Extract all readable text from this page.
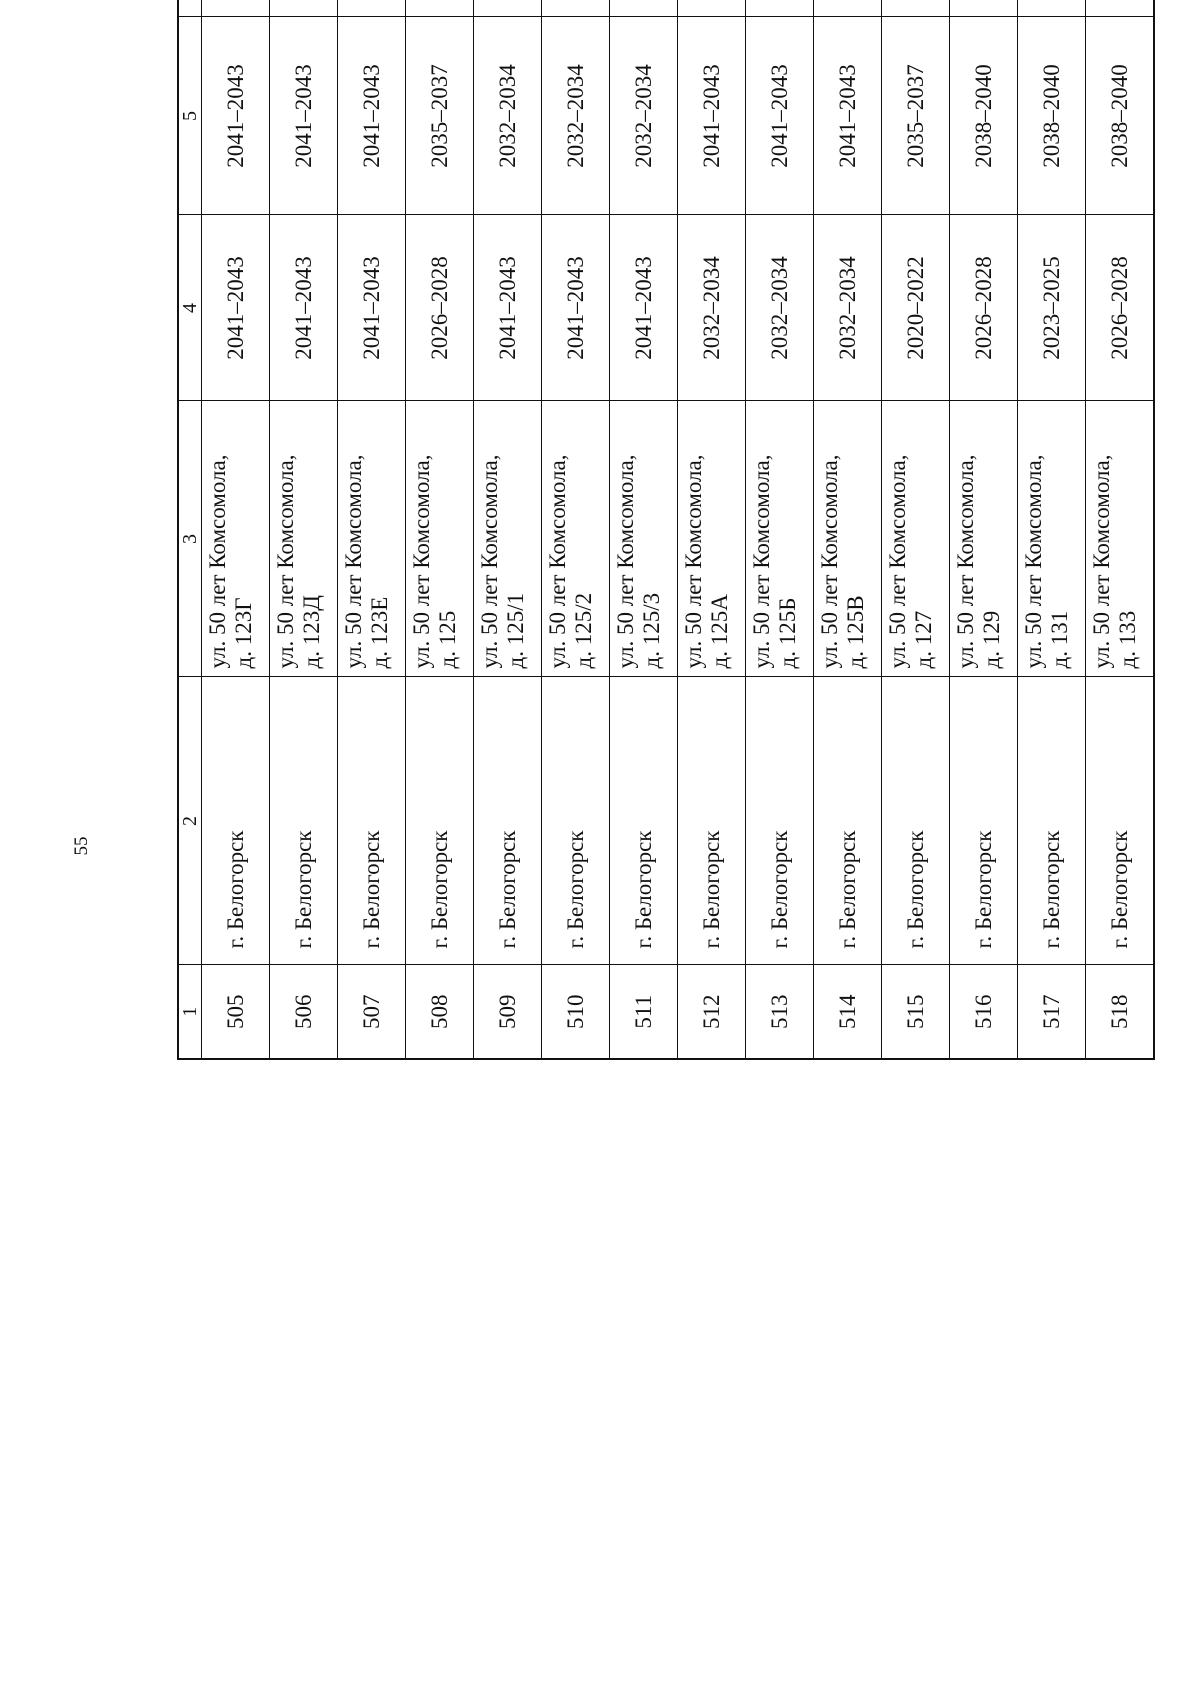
55
1	2	3	4	5		
505	г. Белогорск	ул. 50 лет Комсомола, д. 123Г	2041–2043	2041–2043		
506	г. Белогорск	ул. 50 лет Комсомола, д. 123Д	2041–2043	2041–2043		
507	г. Белогорск	ул. 50 лет Комсомола, д. 123Е	2041–2043	2041–2043		
508	г. Белогорск	ул. 50 лет Комсомола, д. 125	2026–2028	2035–2037		
509	г. Белогорск	ул. 50 лет Комсомола, д. 125/1	2041–2043	2032–2034		
510	г. Белогорск	ул. 50 лет Комсомола, д. 125/2	2041–2043	2032–2034		
511	г. Белогорск	ул. 50 лет Комсомола, д. 125/3	2041–2043	2032–2034		
512	г. Белогорск	ул. 50 лет Комсомола, д. 125А	2032–2034	2041–2043		
513	г. Белогорск	ул. 50 лет Комсомола, д. 125Б	2032–2034	2041–2043		
514	г. Белогорск	ул. 50 лет Комсомола, д. 125В	2032–2034	2041–2043		
515	г. Белогорск	ул. 50 лет Комсомола, д. 127	2020–2022	2035–2037		
516	г. Белогорск	ул. 50 лет Комсомола, д. 129	2026–2028	2038–2040		
517	г. Белогорск	ул. 50 лет Комсомола, д. 131	2023–2025	2038–2040		
518	г. Белогорск	ул. 50 лет Комсомола, д. 133	2026–2028	2038–2040		
